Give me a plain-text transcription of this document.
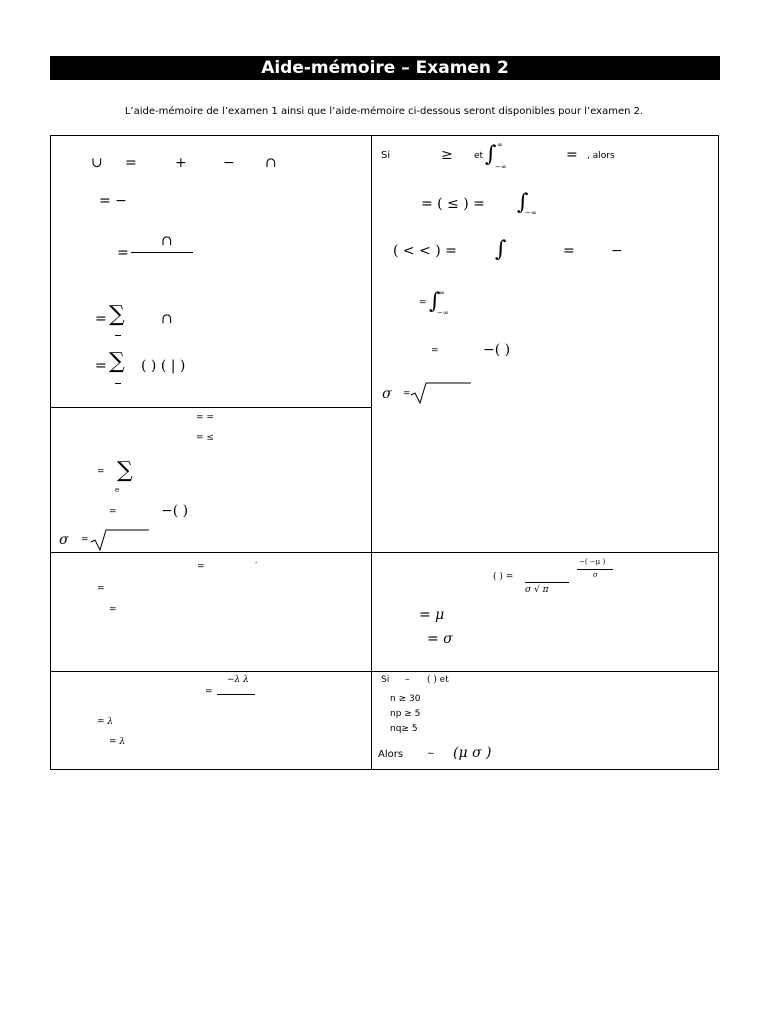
Aide-mémoire – Examen 2
L’aide-mémoire de l’examen 1 ainsi que l’aide-mémoire ci-dessous seront disponibles pour l’examen 2.
∪ =	+	− ∩
= −
=
∩
= ∑	∩
= ∑ ( ) ( | )
= =
= ≤
= ∑
e
=	−( )
σ =
Si	≥ et ∫ ∞
−∞
= , alors
= ( ≤ ) = ∫
−∞
( < < ) = ∫	=	−
= ∫
∞
−∞
=	−( )
σ =
=	-
=
=
( ) =
σ √ π
−( −μ )
σ
= μ
= σ
=
−λ λ
= λ
= λ
Si – ( ) et
n ≥ 30
np ≥ 5
nq≥ 5
Alors	~ (μ σ )
